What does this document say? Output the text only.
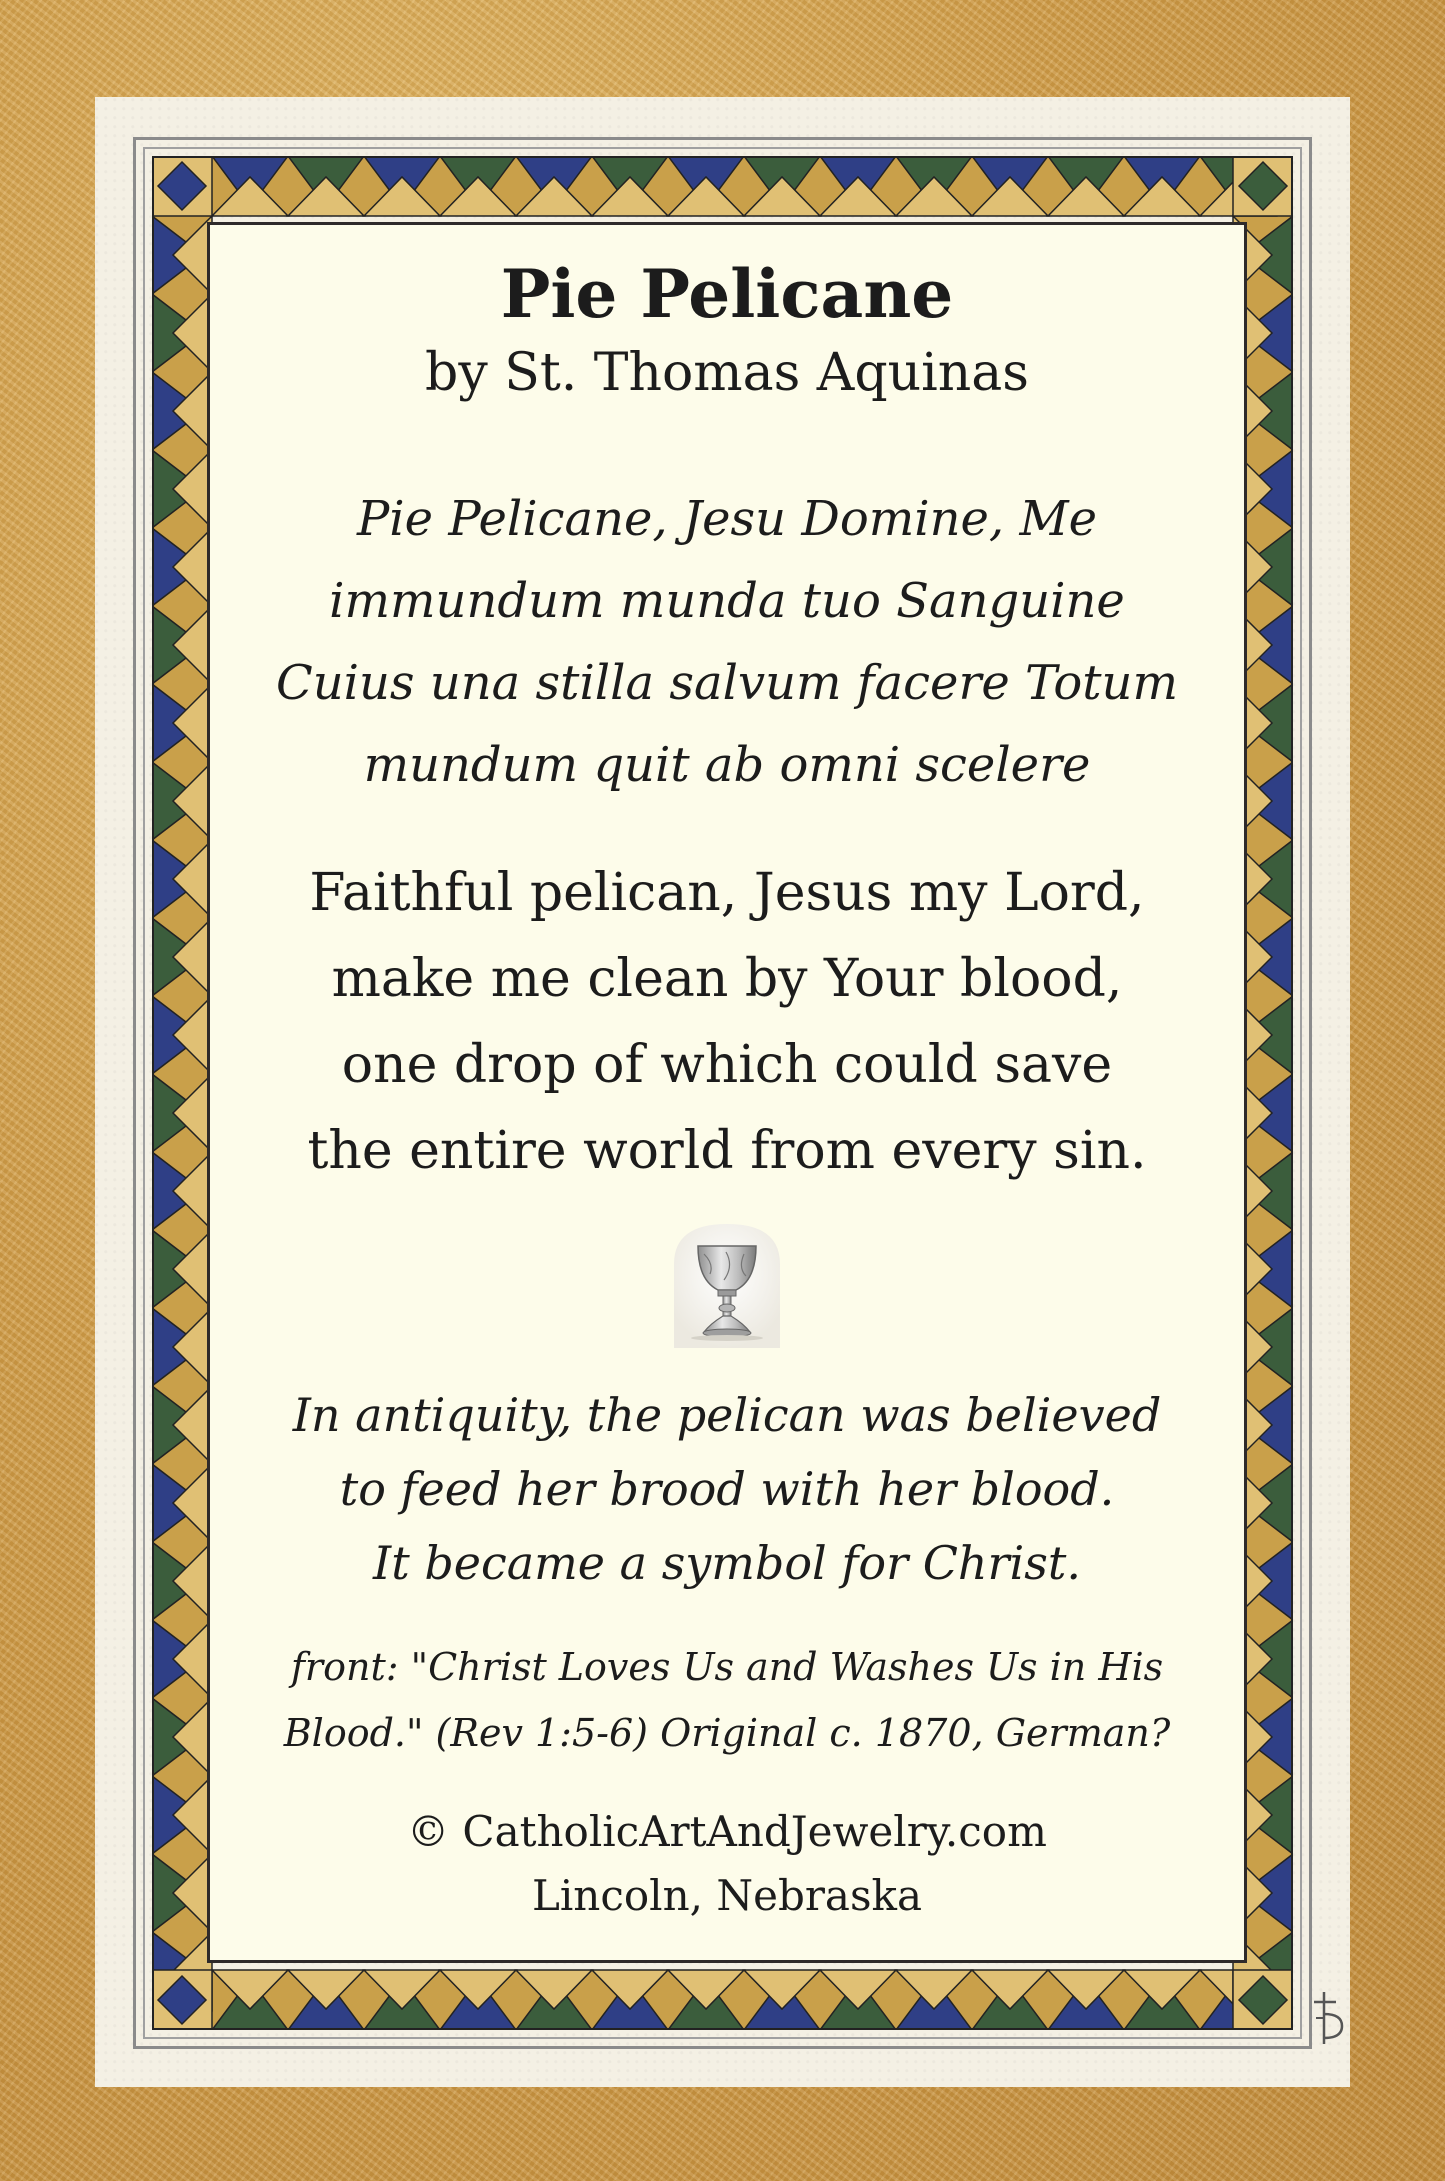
Pie Pelicane
by St. Thomas Aquinas
Pie Pelicane, Jesu Domine, Me
immundum munda tuo Sanguine
Cuius una stilla salvum facere Totum
mundum quit ab omni scelere
Faithful pelican, Jesus my Lord,
make me clean by Your blood,
one drop of which could save
the entire world from every sin.
In antiquity, the pelican was believed
to feed her brood with her blood.
It became a symbol for Christ.
front: "Christ Loves Us and Washes Us in His
Blood." (Rev 1:5-6) Original c. 1870, German?
© CatholicArtAndJewelry.com
Lincoln, Nebraska
